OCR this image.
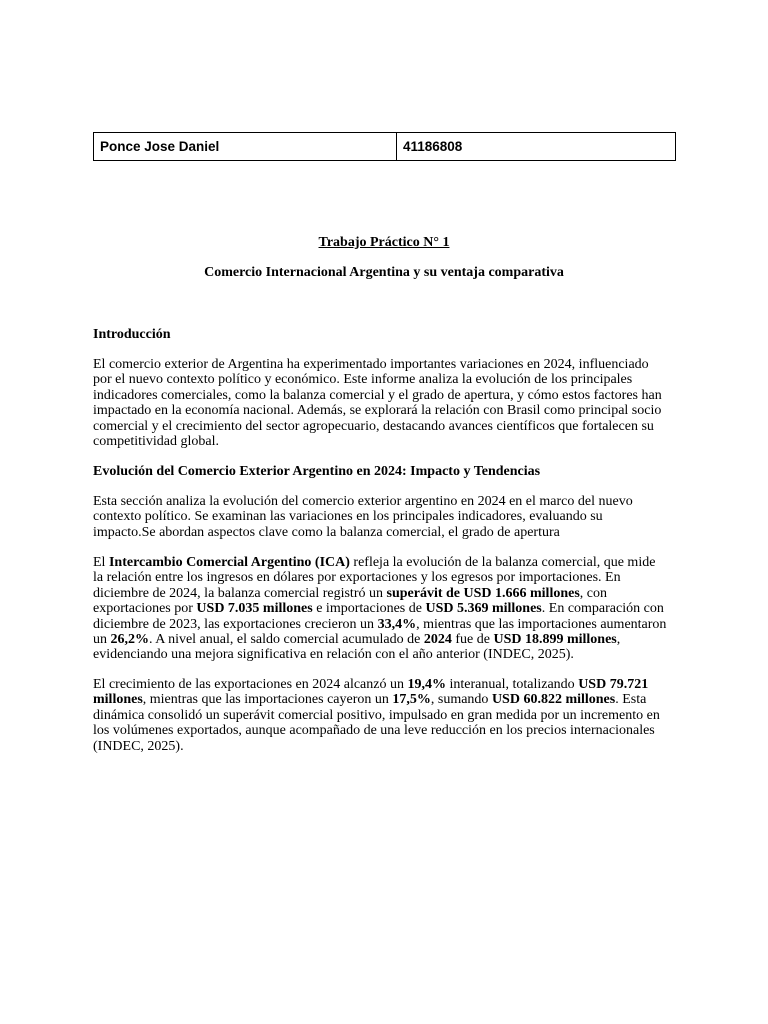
Ponce Jose Daniel	41186808

Trabajo Práctico N° 1

Comercio Internacional Argentina y su ventaja comparativa

Introducción

El comercio exterior de Argentina ha experimentado importantes variaciones en 2024, influenciado
por el nuevo contexto político y económico. Este informe analiza la evolución de los principales
indicadores comerciales, como la balanza comercial y el grado de apertura, y cómo estos factores han
impactado en la economía nacional. Además, se explorará la relación con Brasil como principal socio
comercial y el crecimiento del sector agropecuario, destacando avances científicos que fortalecen su
competitividad global.

Evolución del Comercio Exterior Argentino en 2024: Impacto y Tendencias

Esta sección analiza la evolución del comercio exterior argentino en 2024 en el marco del nuevo
contexto político. Se examinan las variaciones en los principales indicadores, evaluando su
impacto.Se abordan aspectos clave como la balanza comercial, el grado de apertura

El Intercambio Comercial Argentino (ICA) refleja la evolución de la balanza comercial, que mide
la relación entre los ingresos en dólares por exportaciones y los egresos por importaciones. En
diciembre de 2024, la balanza comercial registró un superávit de USD 1.666 millones, con
exportaciones por USD 7.035 millones e importaciones de USD 5.369 millones. En comparación con
diciembre de 2023, las exportaciones crecieron un 33,4%, mientras que las importaciones aumentaron
un 26,2%. A nivel anual, el saldo comercial acumulado de 2024 fue de USD 18.899 millones,
evidenciando una mejora significativa en relación con el año anterior (INDEC, 2025).

El crecimiento de las exportaciones en 2024 alcanzó un 19,4% interanual, totalizando USD 79.721
millones, mientras que las importaciones cayeron un 17,5%, sumando USD 60.822 millones. Esta
dinámica consolidó un superávit comercial positivo, impulsado en gran medida por un incremento en
los volúmenes exportados, aunque acompañado de una leve reducción en los precios internacionales
(INDEC, 2025).
